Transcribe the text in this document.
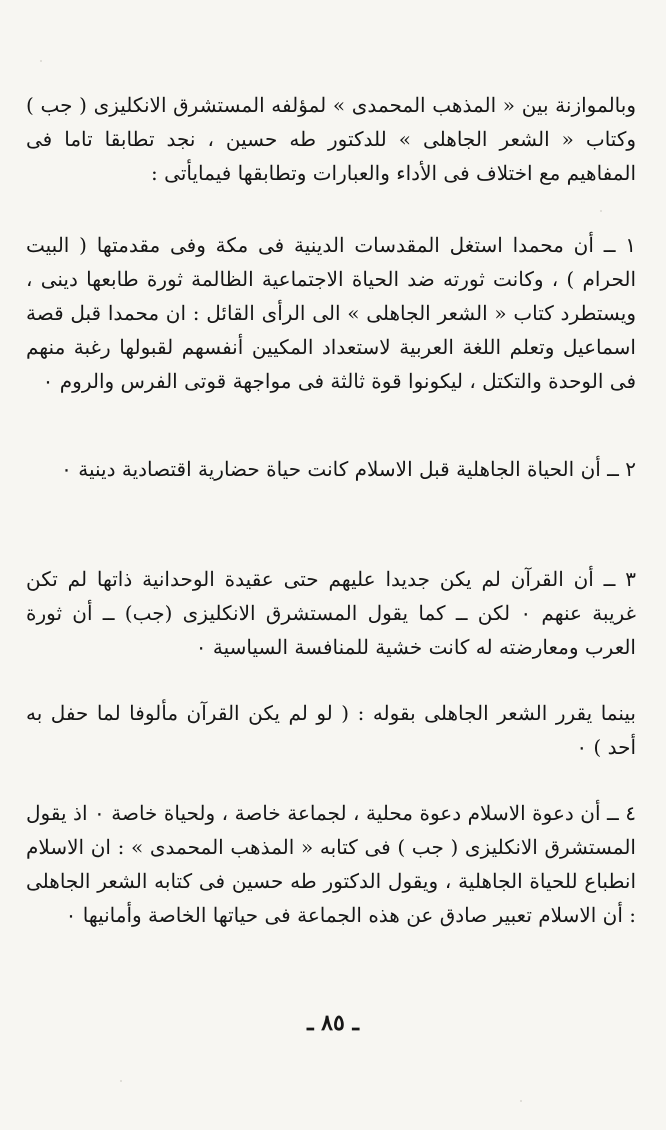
وبالموازنة بين « المذهب المحمدى » لمؤلفه المستشرق الانكليزى ( جب ) وكتاب « الشعر الجاهلى » للدكتور طه حسين ، نجد تطابقا تاما فى المفاهيم مع اختلاف فى الأداء والعبارات وتطابقها فيمايأتى :

١ ــ أن محمدا استغل المقدسات الدينية فى مكة وفى مقدمتها ( البيت الحرام ) ، وكانت ثورته ضد الحياة الاجتماعية الظالمة ثورة طابعها دينى ، ويستطرد كتاب « الشعر الجاهلى » الى الرأى القائل : ان محمدا قبل قصة اسماعيل وتعلم اللغة العربية لاستعداد المكيين أنفسهم لقبولها رغبة منهم فى الوحدة والتكتل ، ليكونوا قوة ثالثة فى مواجهة قوتى الفرس والروم ٠

٢ ــ أن الحياة الجاهلية قبل الاسلام كانت حياة حضارية اقتصادية دينية ٠

٣ ــ أن القرآن لم يكن جديدا عليهم حتى عقيدة الوحدانية ذاتها لم تكن غريبة عنهم ٠ لكن ــ كما يقول المستشرق الانكليزى (جب) ــ أن ثورة العرب ومعارضته له كانت خشية للمنافسة السياسية ٠

بينما يقرر الشعر الجاهلى بقوله : ( لو لم يكن القرآن مألوفا لما حفل به أحد ) ٠

٤ ــ أن دعوة الاسلام دعوة محلية ، لجماعة خاصة ، ولحياة خاصة ٠ اذ يقول المستشرق الانكليزى ( جب ) فى كتابه « المذهب المحمدى » : ان الاسلام انطباع للحياة الجاهلية ، ويقول الدكتور طه حسين فى كتابه الشعر الجاهلى : أن الاسلام تعبير صادق عن هذه الجماعة فى حياتها الخاصة وأمانيها ٠

ـ ٨٥ ـ
